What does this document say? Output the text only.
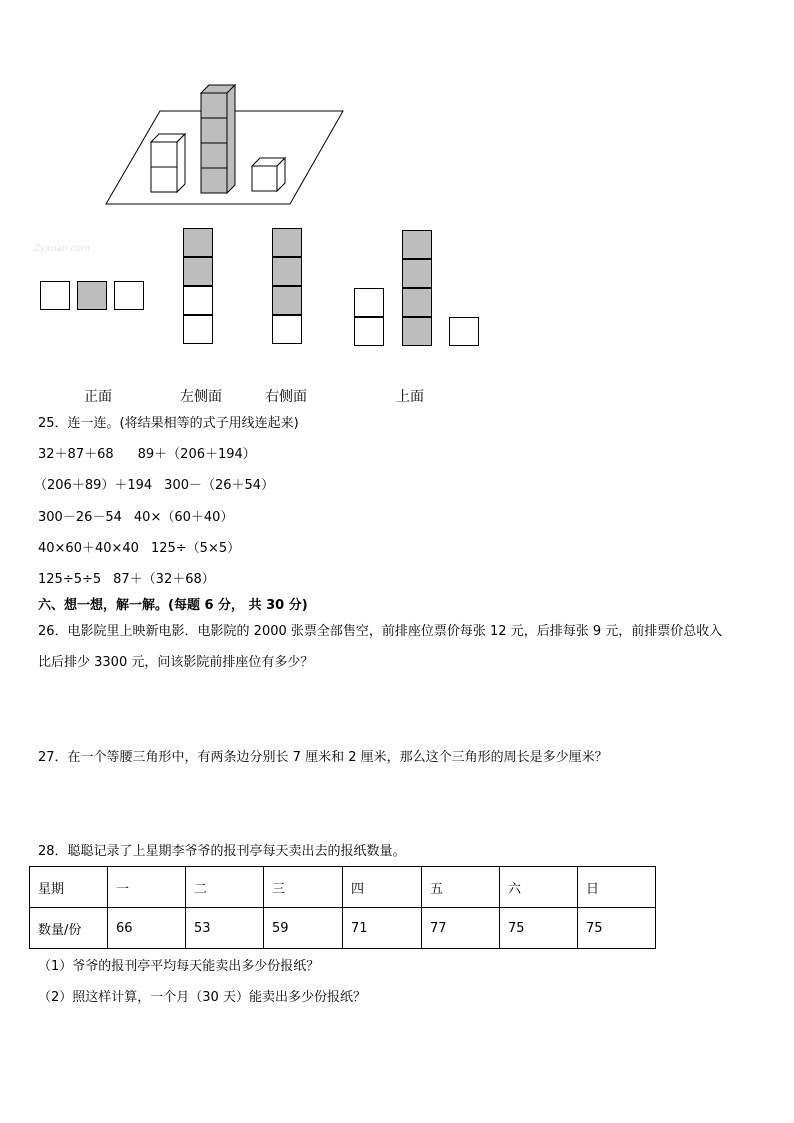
Zyxuan.com
正面	左侧面	右侧面	上面
25．连一连。(将结果相等的式子用线连起来)
32＋87＋68 89＋（206＋194）
（206＋89）＋194 300－（26＋54）
300－26－54 40×（60＋40）
40×60＋40×40 125÷（5×5）
125÷5÷5 87＋（32＋68）
六、想一想，解一解。(每题 6 分， 共 30 分)
26．电影院里上映新电影．电影院的 2000 张票全部售空，前排座位票价每张 12 元，后排每张 9 元，前排票价总收入
比后排少 3300 元，问该影院前排座位有多少？
27．在一个等腰三角形中，有两条边分别长 7 厘米和 2 厘米，那么这个三角形的周长是多少厘米？
28．聪聪记录了上星期李爷爷的报刊亭每天卖出去的报纸数量。
星期	一	二	三	四	五	六	日
数量/份	66	53	59	71	77	75	75
（1）爷爷的报刊亭平均每天能卖出多少份报纸？
（2）照这样计算，一个月（30 天）能卖出多少份报纸？
